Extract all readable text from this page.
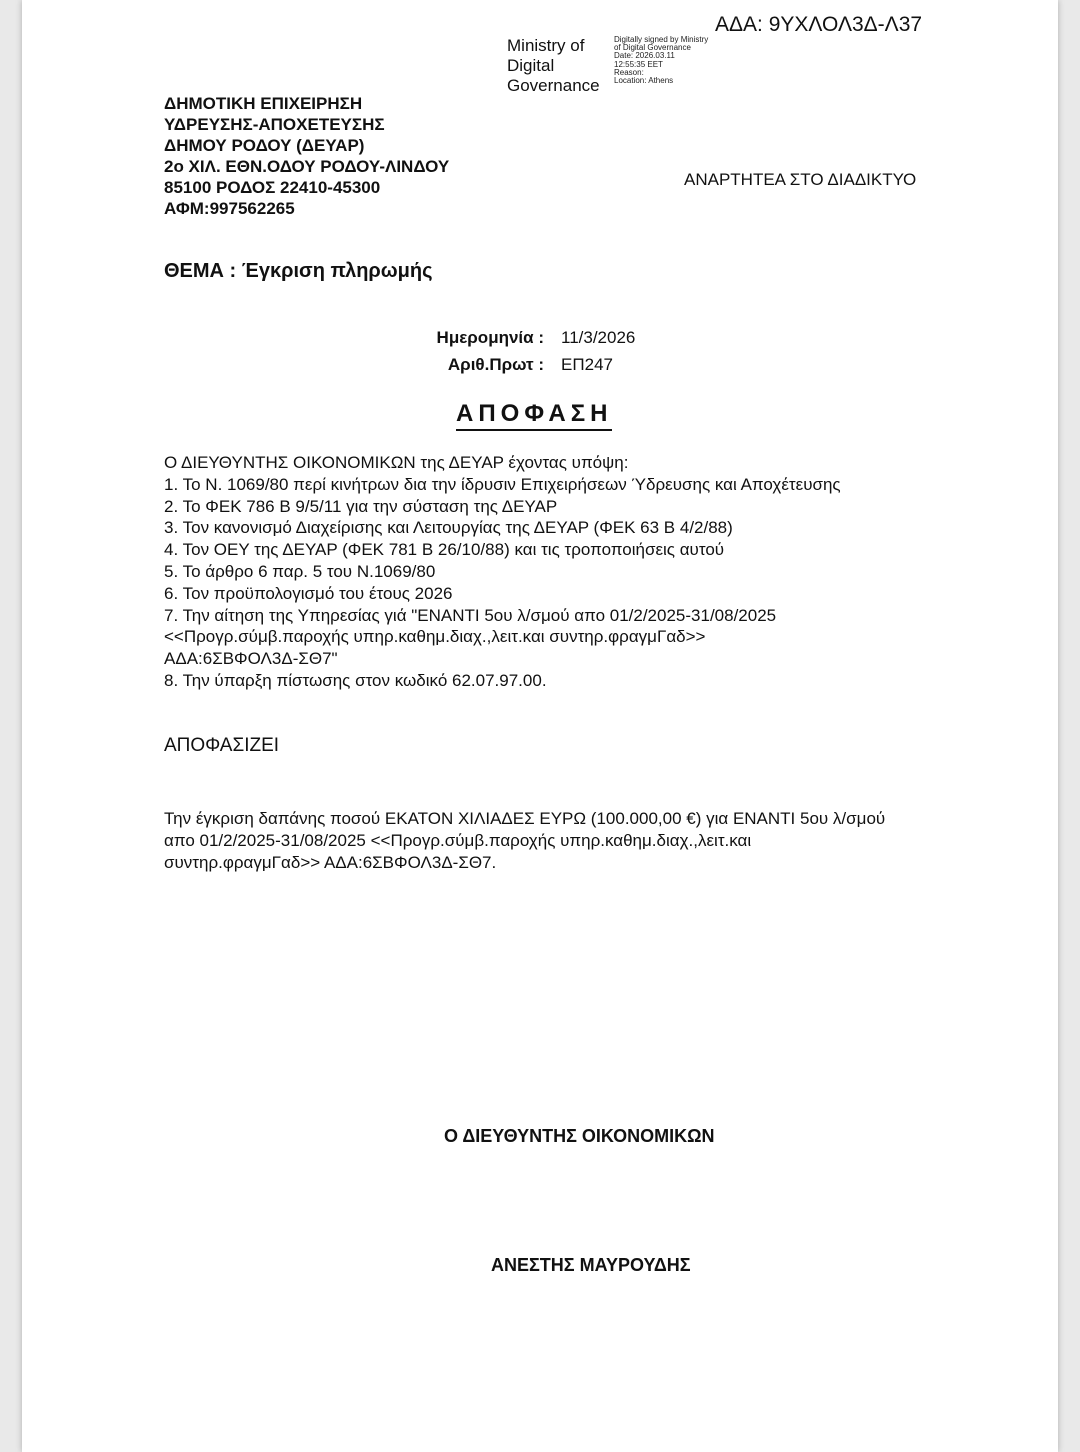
ΑΔΑ: 9ΥΧΛΟΛ3Δ-Λ37
Ministry of
Digital
Governance
Digitally signed by Ministry
of Digital Governance
Date: 2026.03.11
12:55:35 EET
Reason:
Location: Athens
ΔΗΜΟΤΙΚΗ ΕΠΙΧΕΙΡΗΣΗ
ΥΔΡΕΥΣΗΣ-ΑΠΟΧΕΤΕΥΣΗΣ
ΔΗΜΟΥ ΡΟΔΟΥ (ΔΕΥΑΡ)
2ο ΧΙΛ. ΕΘΝ.ΟΔΟΥ ΡΟΔΟΥ-ΛΙΝΔΟΥ
85100 ΡΟΔΟΣ 22410-45300
ΑΦΜ:997562265
ΑΝΑΡΤΗΤΕΑ ΣΤΟ ΔΙΑΔΙΚΤΥΟ
ΘΕΜΑ : Έγκριση πληρωμής
Ημερομηνία : 11/3/2026
Αριθ.Πρωτ : ΕΠ247
ΑΠΟΦΑΣΗ
Ο ΔΙΕΥΘΥΝΤΗΣ ΟΙΚΟΝΟΜΙΚΩΝ της ΔΕΥΑΡ έχοντας υπόψη:
1. Το Ν. 1069/80 περί κινήτρων δια την ίδρυσιν Επιχειρήσεων Ύδρευσης και Αποχέτευσης
2. Το ΦΕΚ 786 Β 9/5/11 για την σύσταση της ΔΕΥΑΡ
3. Τον κανονισμό Διαχείρισης και Λειτουργίας της ΔΕΥΑΡ (ΦΕΚ 63 Β 4/2/88)
4. Τον ΟΕΥ της ΔΕΥΑΡ (ΦΕΚ 781 Β 26/10/88) και τις τροποποιήσεις αυτού
5. Το άρθρο 6 παρ. 5 του Ν.1069/80
6. Τον προϋπολογισμό του έτους 2026
7. Την αίτηση της Υπηρεσίας γιά "ΕΝΑΝΤΙ 5ου λ/σμού απο 01/2/2025-31/08/2025
<<Προγρ.σύμβ.παροχής υπηρ.καθημ.διαχ.,λειτ.και συντηρ.φραγμΓαδ>>
ΑΔΑ:6ΣΒΦΟΛ3Δ-ΣΘ7"
8. Την ύπαρξη πίστωσης στον κωδικό 62.07.97.00.
ΑΠΟΦΑΣΙΖΕΙ
Την έγκριση δαπάνης ποσού ΕΚΑΤΟΝ ΧΙΛΙΑΔΕΣ ΕΥΡΩ (100.000,00 €) για ΕΝΑΝΤΙ 5ου λ/σμού
απο 01/2/2025-31/08/2025 <<Προγρ.σύμβ.παροχής υπηρ.καθημ.διαχ.,λειτ.και
συντηρ.φραγμΓαδ>> ΑΔΑ:6ΣΒΦΟΛ3Δ-ΣΘ7.
Ο ΔΙΕΥΘΥΝΤΗΣ ΟΙΚΟΝΟΜΙΚΩΝ
ΑΝΕΣΤΗΣ ΜΑΥΡΟΥΔΗΣ
